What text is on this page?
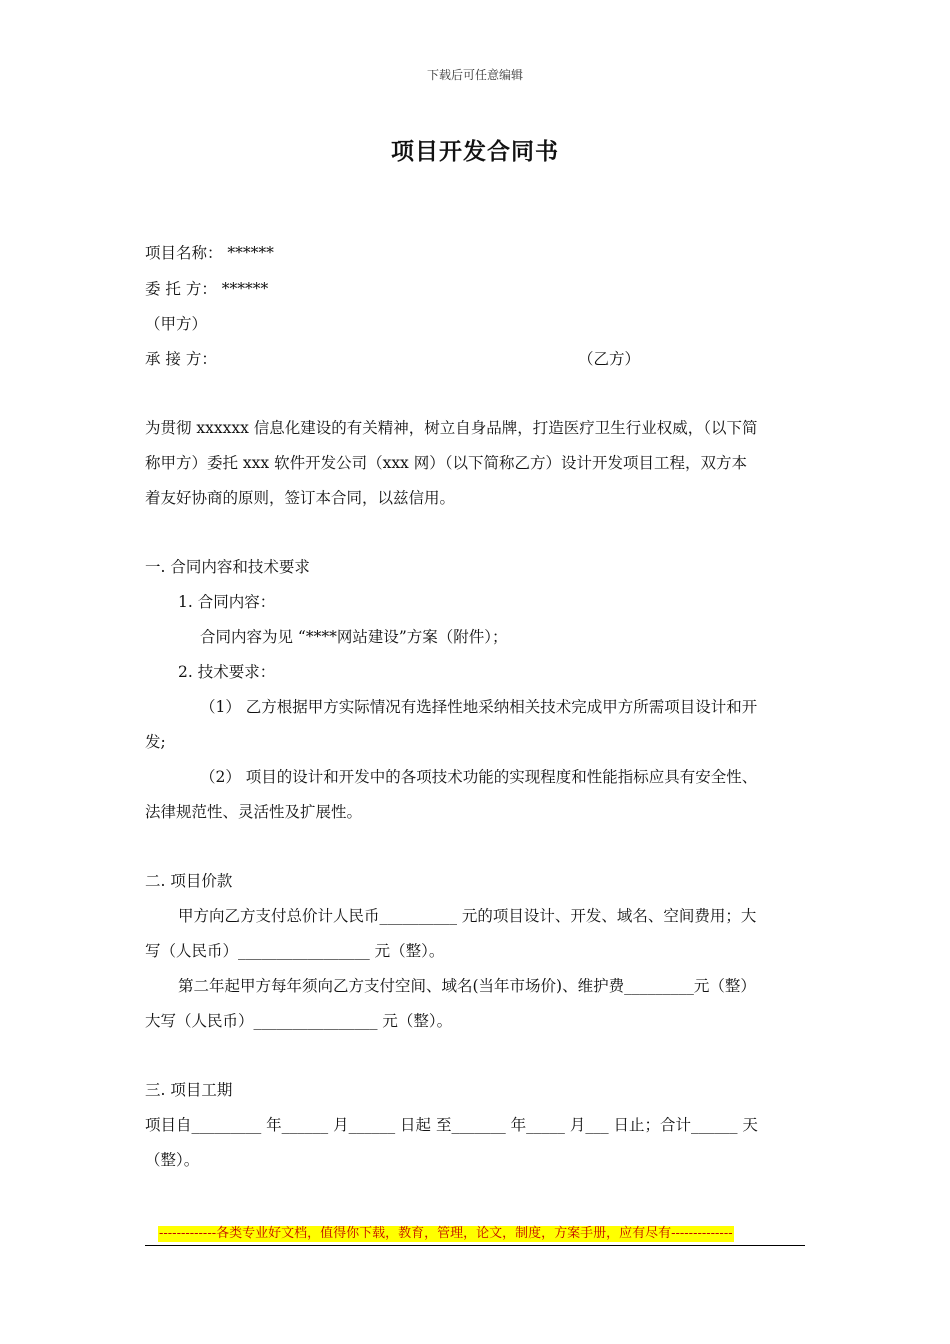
下载后可任意编辑
项目开发合同书
项目名称： ******
委 托 方： ******
（甲方）
承 接 方：	（乙方）
为贯彻 xxxxxx 信息化建设的有关精神，树立自身品牌，打造医疗卫生行业权威，（以下简
称甲方）委托 xxx 软件开发公司（xxx 网）（以下简称乙方）设计开发项目工程，双方本
着友好协商的原则，签订本合同，以兹信用。
一. 合同内容和技术要求
1. 合同内容：
合同内容为见 “****网站建设”方案（附件）；
2. 技术要求：
（1） 乙方根据甲方实际情况有选择性地采纳相关技术完成甲方所需项目设计和开
发;
（2） 项目的设计和开发中的各项技术功能的实现程度和性能指标应具有安全性、
法律规范性、灵活性及扩展性。
二. 项目价款
甲方向乙方支付总价计人民币__________ 元的项目设计、开发、域名、空间费用；大
写（人民币）_________________ 元（整）。
第二年起甲方每年须向乙方支付空间、域名(当年市场价)、维护费_________元（整）
大写（人民币）________________ 元（整）。
三. 项目工期
项目自_________ 年______ 月______ 日起 至_______ 年_____ 月___ 日止；合计______ 天
（整）。
-------------各类专业好文档，值得你下载，教育，管理，论文，制度，方案手册，应有尽有--------------
